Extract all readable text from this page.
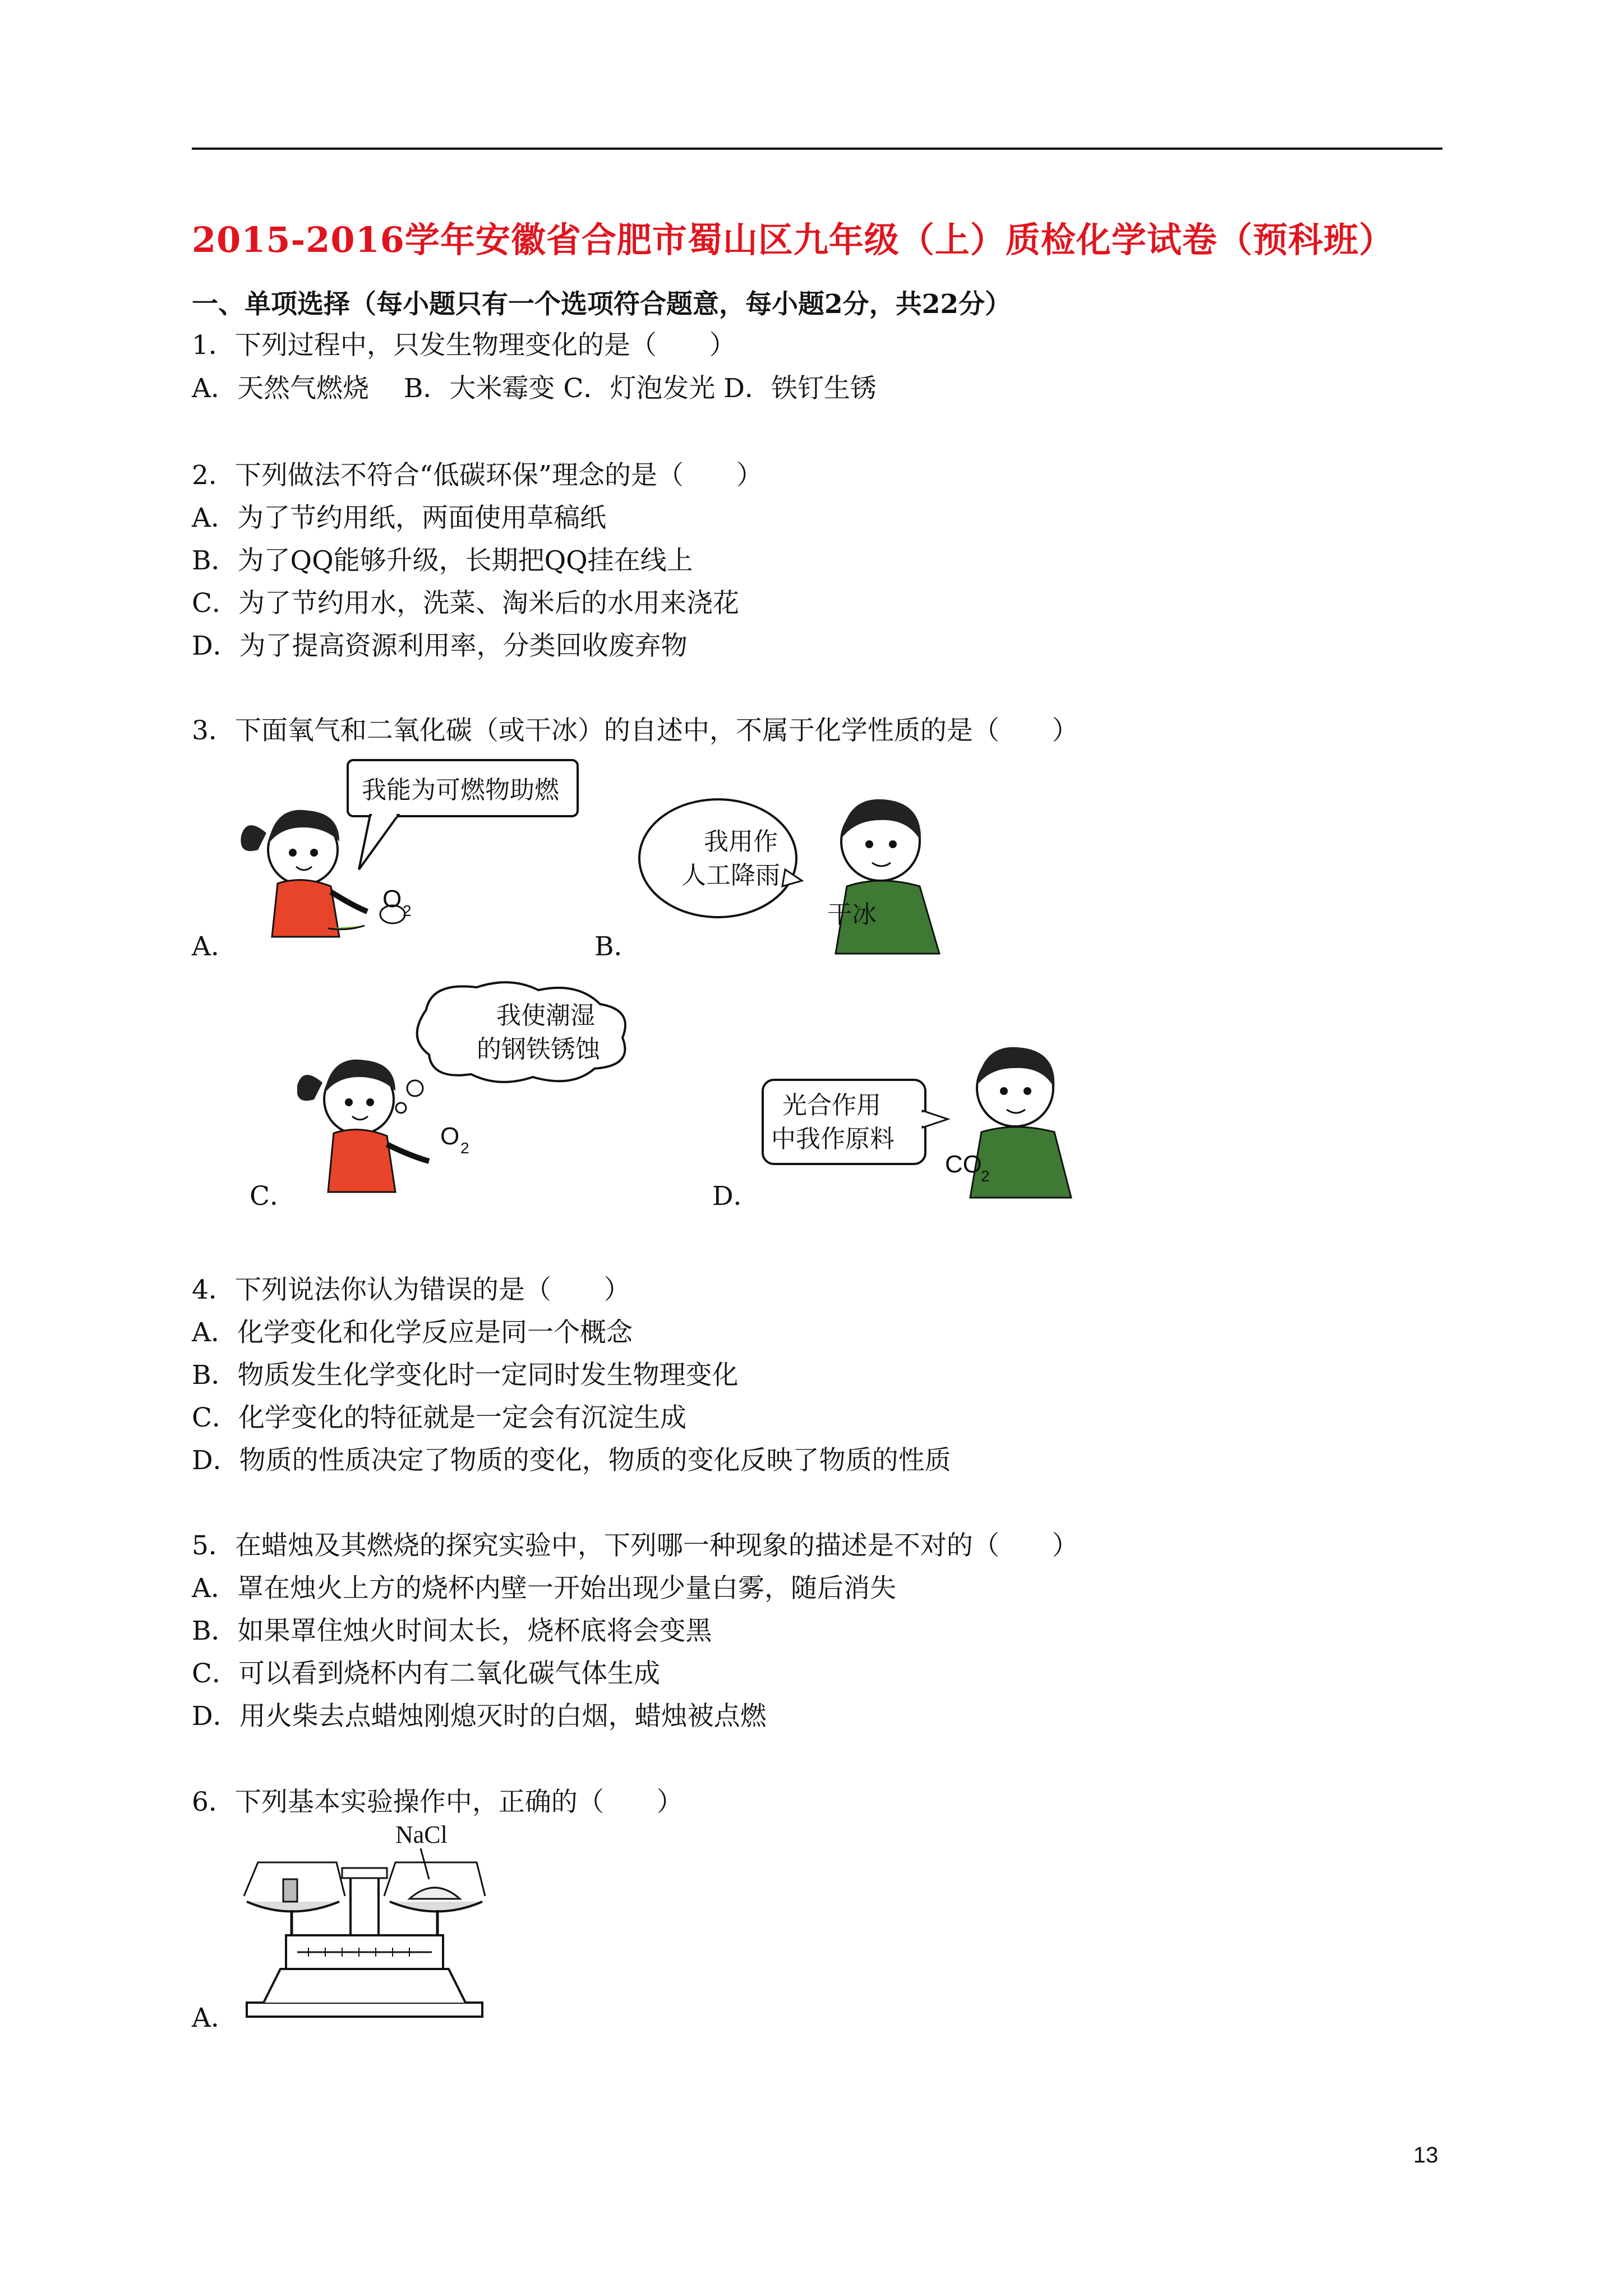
2015-2016学年安徽省合肥市蜀山区九年级（上）质检化学试卷（预科班）
一、单项选择（每小题只有一个选项符合题意，每小题2分，共22分）
1．下列过程中，只发生物理变化的是（　　）
A．天然气燃烧　 B．大米霉变 C．灯泡发光 D．铁钉生锈
2．下列做法不符合“低碳环保”理念的是（　　）
A．为了节约用纸，两面使用草稿纸
B．为了QQ能够升级，长期把QQ挂在线上
C．为了节约用水，洗菜、淘米后的水用来浇花
D．为了提高资源利用率，分类回收废弃物
3．下面氧气和二氧化碳（或干冰）的自述中，不属于化学性质的是（　　）
我能为可燃物助燃
O 2
A．
我用作
人工降雨
干冰
B．
我使潮湿
的钢铁锈蚀
O 2
C．
光合作用
中我作原料
CO
2
D．
4．下列说法你认为错误的是（　　）
A．化学变化和化学反应是同一个概念
B．物质发生化学变化时一定同时发生物理变化
C．化学变化的特征就是一定会有沉淀生成
D．物质的性质决定了物质的变化，物质的变化反映了物质的性质
5．在蜡烛及其燃烧的探究实验中，下列哪一种现象的描述是不对的（　　）
A．罩在烛火上方的烧杯内壁一开始出现少量白雾，随后消失
B．如果罩住烛火时间太长，烧杯底将会变黑
C．可以看到烧杯内有二氧化碳气体生成
D．用火柴去点蜡烛刚熄灭时的白烟，蜡烛被点燃
6．下列基本实验操作中，正确的（　　）
NaCl
A．
13
